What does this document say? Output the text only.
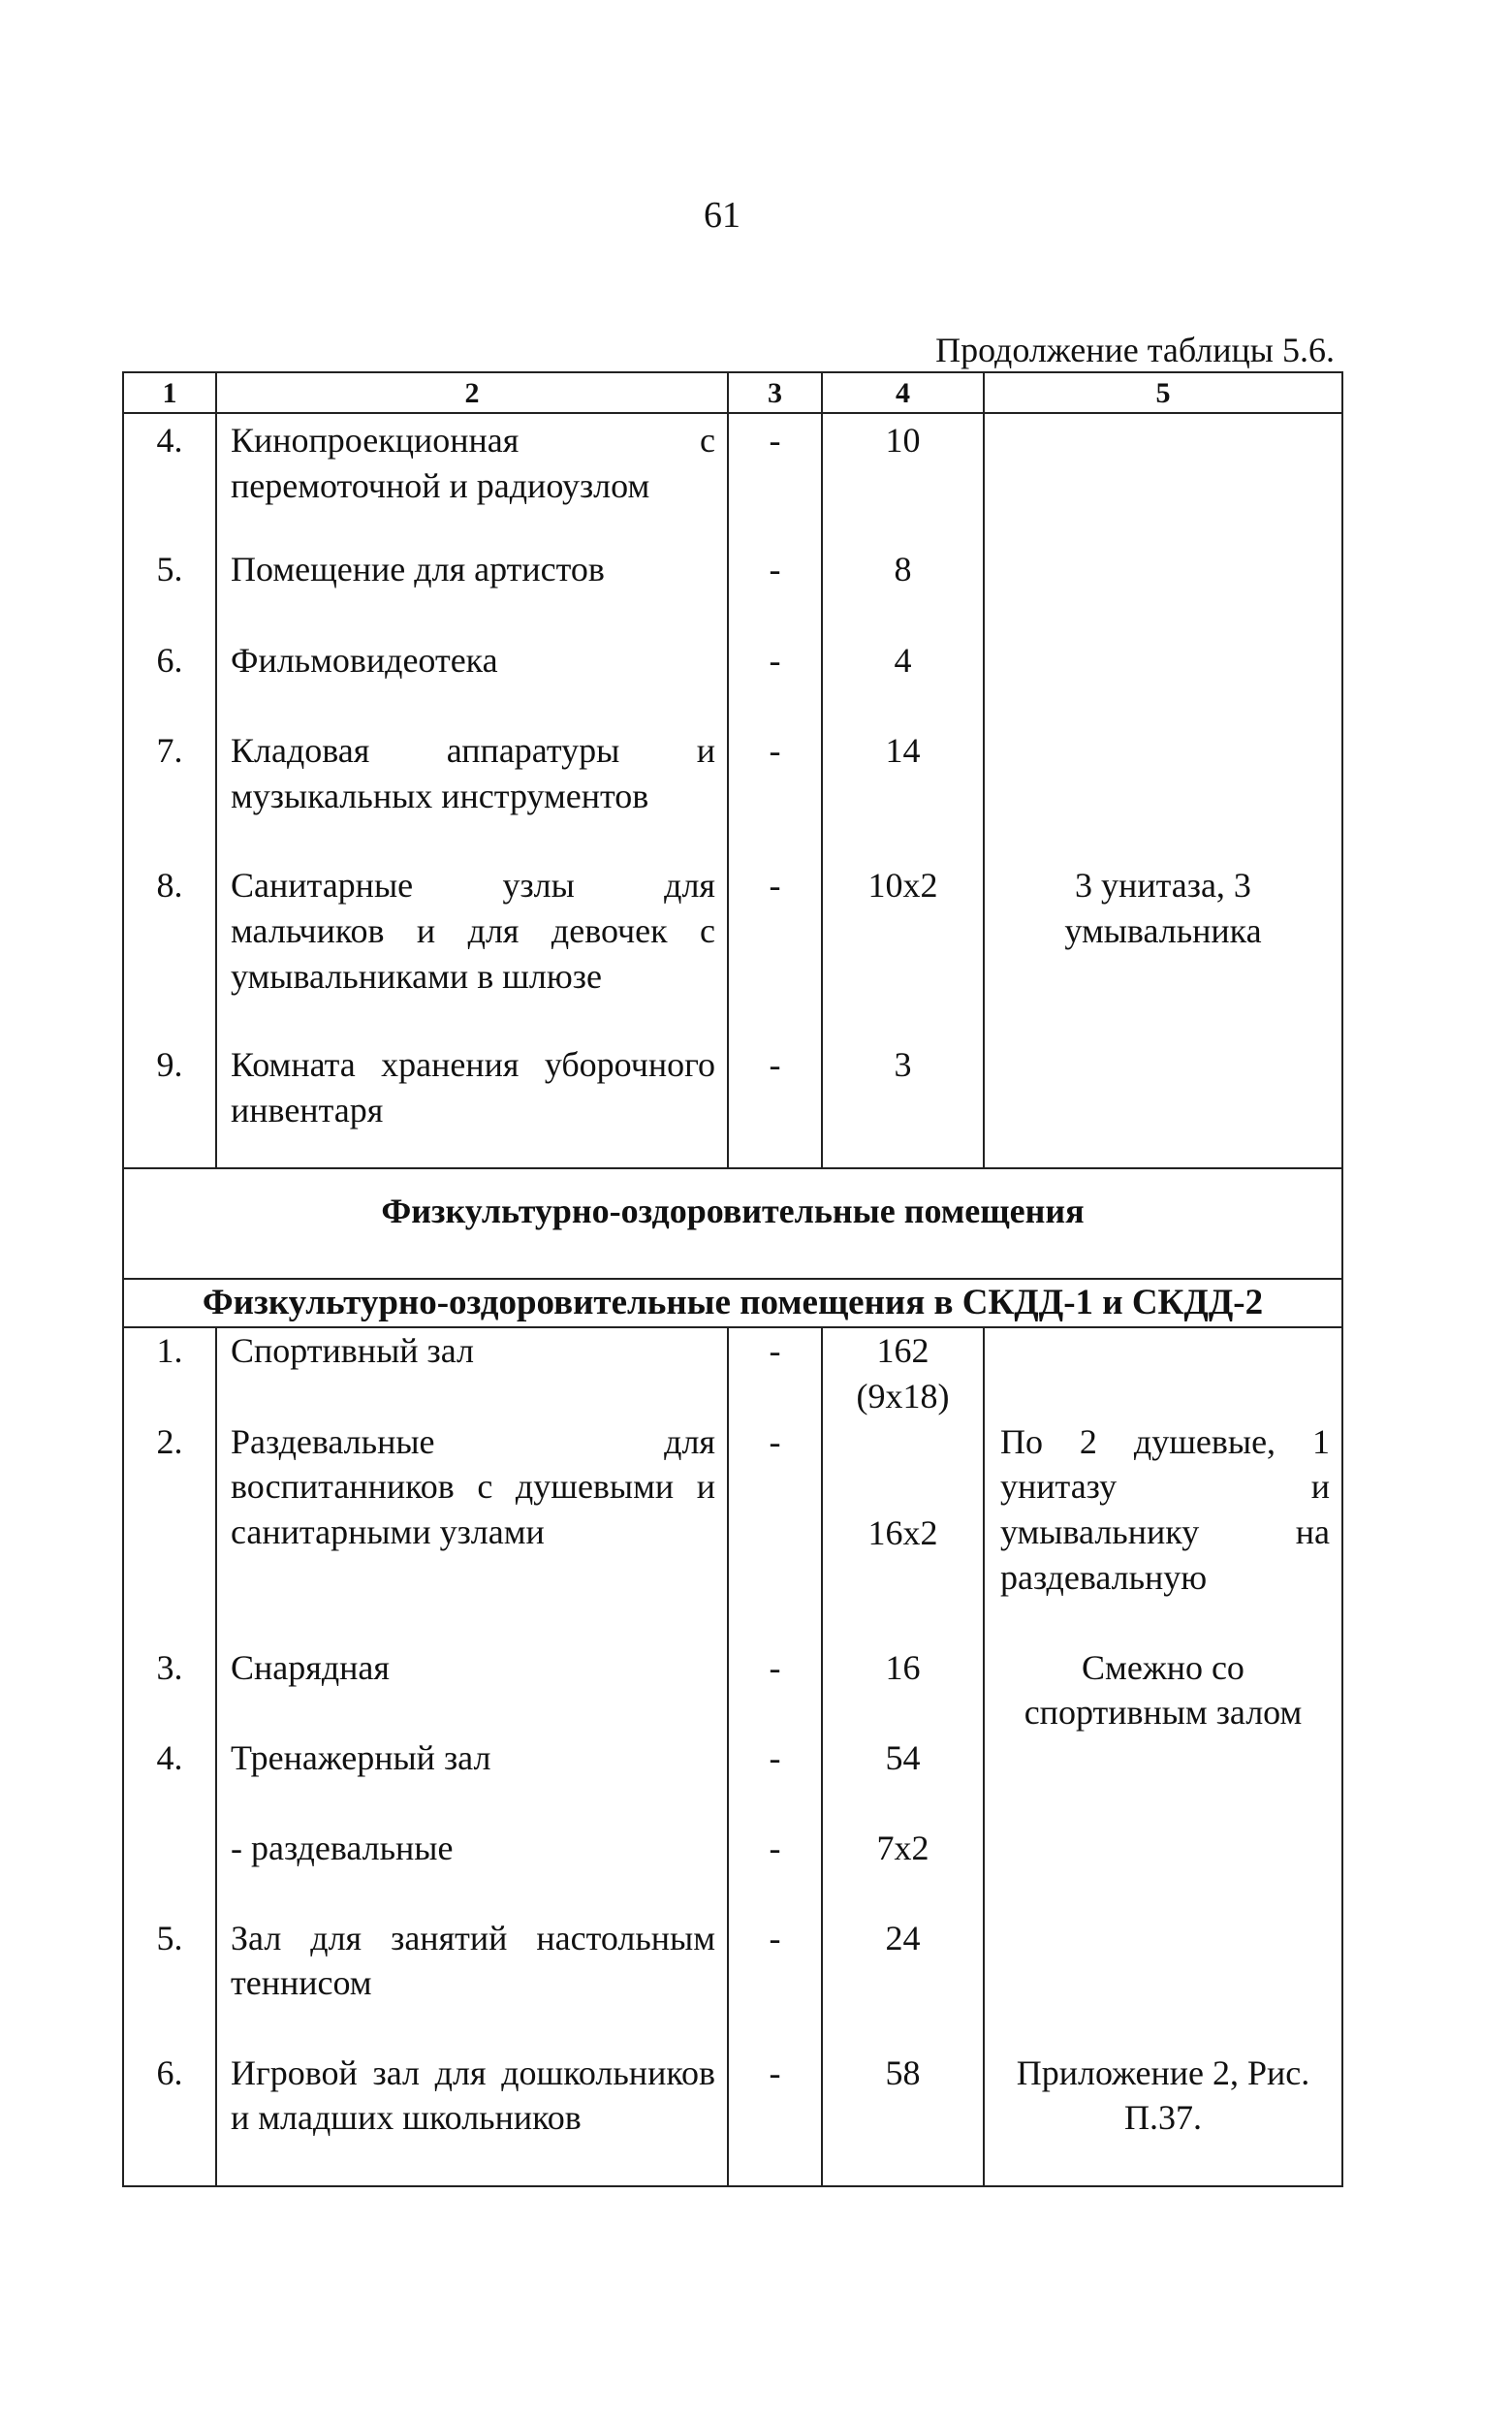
61
Продолжение таблицы 5.6.
1	2	3	4	5
4.	Кинопроекционная с перемоточной и радиоузлом	-	10	
5.	Помещение для артистов	-	8	
6.	Фильмовидеотека	-	4	
7.	Кладовая аппаратуры и музыкальных инструментов	-	14	
8.	Санитарные узлы для мальчиков и для девочек с умывальниками в шлюзе	-	10x2	3 унитаза, 3 умывальника
9.	Комната хранения уборочного инвентаря	-	3	
Физкультурно-оздоровительные помещения				
Физкультурно-оздоровительные помещения в СКДД-1 и СКДД-2				
1.	Спортивный зал	-	162 (9x18)	
2.	Раздевальные для воспитанников с душевыми и санитарными узлами	-	16x2	По 2 душевые, 1 унитазу и умывальнику на раздевальную
3.	Снарядная	-	16	Смежно со спортивным залом
4.	Тренажерный зал	-	54	
	- раздевальные	-	7x2	
5.	Зал для занятий настольным теннисом	-	24	
6.	Игровой зал для дошкольников и младших школьников	-	58	Приложение 2, Рис. П.37.
